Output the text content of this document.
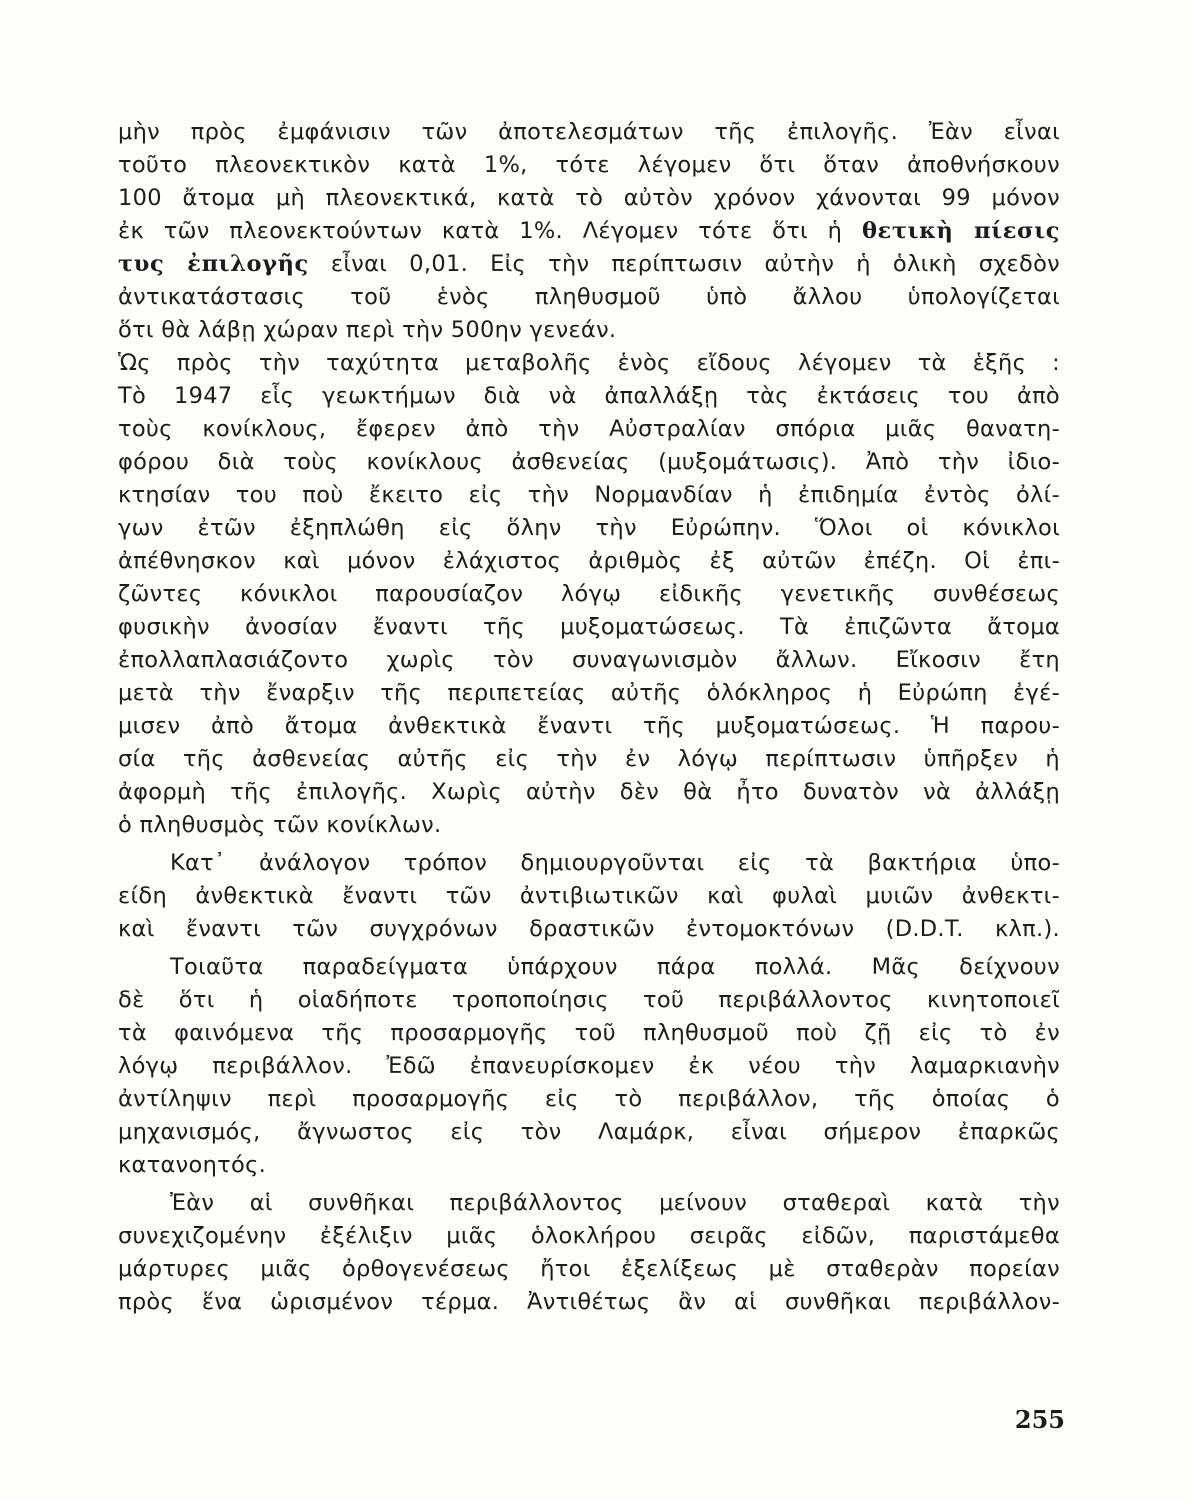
μὴν πρὸς ἐμφάνισιν τῶν ἀποτελεσμάτων τῆς ἐπιλογῆς. Ἐὰν εἶναι
τοῦτο πλεονεκτικὸν κατὰ 1%, τότε λέγομεν ὅτι ὅταν ἀποθνήσκουν
100 ἄτομα μὴ πλεονεκτικά, κατὰ τὸ αὐτὸν χρόνον χάνονται 99 μόνον
ἐκ τῶν πλεονεκτούντων κατὰ 1%. Λέγομεν τότε ὅτι ἡ θετικὴ πίεσις
τυς ἐπιλογῆς εἶναι 0,01. Εἰς τὴν περίπτωσιν αὐτὴν ἡ ὁλικὴ σχεδὸν
ἀντικατάστασις τοῦ ἑνὸς πληθυσμοῦ ὑπὸ ἄλλου ὑπολογίζεται
ὅτι θὰ λάβῃ χώραν περὶ τὴν 500ην γενεάν.
Ὡς πρὸς τὴν ταχύτητα μεταβολῆς ἑνὸς εἴδους λέγομεν τὰ ἑξῆς :
Τὸ 1947 εἷς γεωκτήμων διὰ νὰ ἀπαλλάξῃ τὰς ἐκτάσεις του ἀπὸ
τοὺς κονίκλους, ἔφερεν ἀπὸ τὴν Αὐστραλίαν σπόρια μιᾶς θανατη-
φόρου διὰ τοὺς κονίκλους ἀσθενείας (μυξομάτωσις). Ἀπὸ τὴν ἰδιο-
κτησίαν του ποὺ ἔκειτο εἰς τὴν Νορμανδίαν ἡ ἐπιδημία ἐντὸς ὀλί-
γων ἐτῶν ἐξηπλώθη εἰς ὅλην τὴν Εὐρώπην. Ὅλοι οἱ κόνικλοι
ἀπέθνησκον καὶ μόνον ἐλάχιστος ἀριθμὸς ἐξ αὐτῶν ἐπέζη. Οἱ ἐπι-
ζῶντες κόνικλοι παρουσίαζον λόγῳ εἰδικῆς γενετικῆς συνθέσεως
φυσικὴν ἀνοσίαν ἔναντι τῆς μυξοματώσεως. Τὰ ἐπιζῶντα ἄτομα
ἐπολλαπλασιάζοντο χωρὶς τὸν συναγωνισμὸν ἄλλων. Εἴκοσιν ἔτη
μετὰ τὴν ἔναρξιν τῆς περιπετείας αὐτῆς ὁλόκληρος ἡ Εὐρώπη ἐγέ-
μισεν ἀπὸ ἄτομα ἀνθεκτικὰ ἔναντι τῆς μυξοματώσεως. Ἡ παρου-
σία τῆς ἀσθενείας αὐτῆς εἰς τὴν ἐν λόγῳ περίπτωσιν ὑπῆρξεν ἡ
ἀφορμὴ τῆς ἐπιλογῆς. Χωρὶς αὐτὴν δὲν θὰ ἦτο δυνατὸν νὰ ἀλλάξῃ
ὁ πληθυσμὸς τῶν κονίκλων.
Κατ᾽ ἀνάλογον τρόπον δημιουργοῦνται εἰς τὰ βακτήρια ὑπο-
είδη ἀνθεκτικὰ ἔναντι τῶν ἀντιβιωτικῶν καὶ φυλαὶ μυιῶν ἀνθεκτι-
καὶ ἔναντι τῶν συγχρόνων δραστικῶν ἐντομοκτόνων (D.D.T. κλπ.).
Τοιαῦτα παραδείγματα ὑπάρχουν πάρα πολλά. Μᾶς δείχνουν
δὲ ὅτι ἡ οἱαδήποτε τροποποίησις τοῦ περιβάλλοντος κινητοποιεῖ
τὰ φαινόμενα τῆς προσαρμογῆς τοῦ πληθυσμοῦ ποὺ ζῇ εἰς τὸ ἐν
λόγῳ περιβάλλον. Ἐδῶ ἐπανευρίσκομεν ἐκ νέου τὴν λαμαρκιανὴν
ἀντίληψιν περὶ προσαρμογῆς εἰς τὸ περιβάλλον, τῆς ὁποίας ὁ
μηχανισμός, ἄγνωστος εἰς τὸν Λαμάρκ, εἶναι σήμερον ἐπαρκῶς
κατανοητός.
Ἐὰν αἱ συνθῆκαι περιβάλλοντος μείνουν σταθεραὶ κατὰ τὴν
συνεχιζομένην ἐξέλιξιν μιᾶς ὁλοκλήρου σειρᾶς εἰδῶν, παριστάμεθα
μάρτυρες μιᾶς ὀρθογενέσεως ἤτοι ἐξελίξεως μὲ σταθερὰν πορείαν
πρὸς ἕνα ὡρισμένον τέρμα. Ἀντιθέτως ἂν αἱ συνθῆκαι περιβάλλον-
255
